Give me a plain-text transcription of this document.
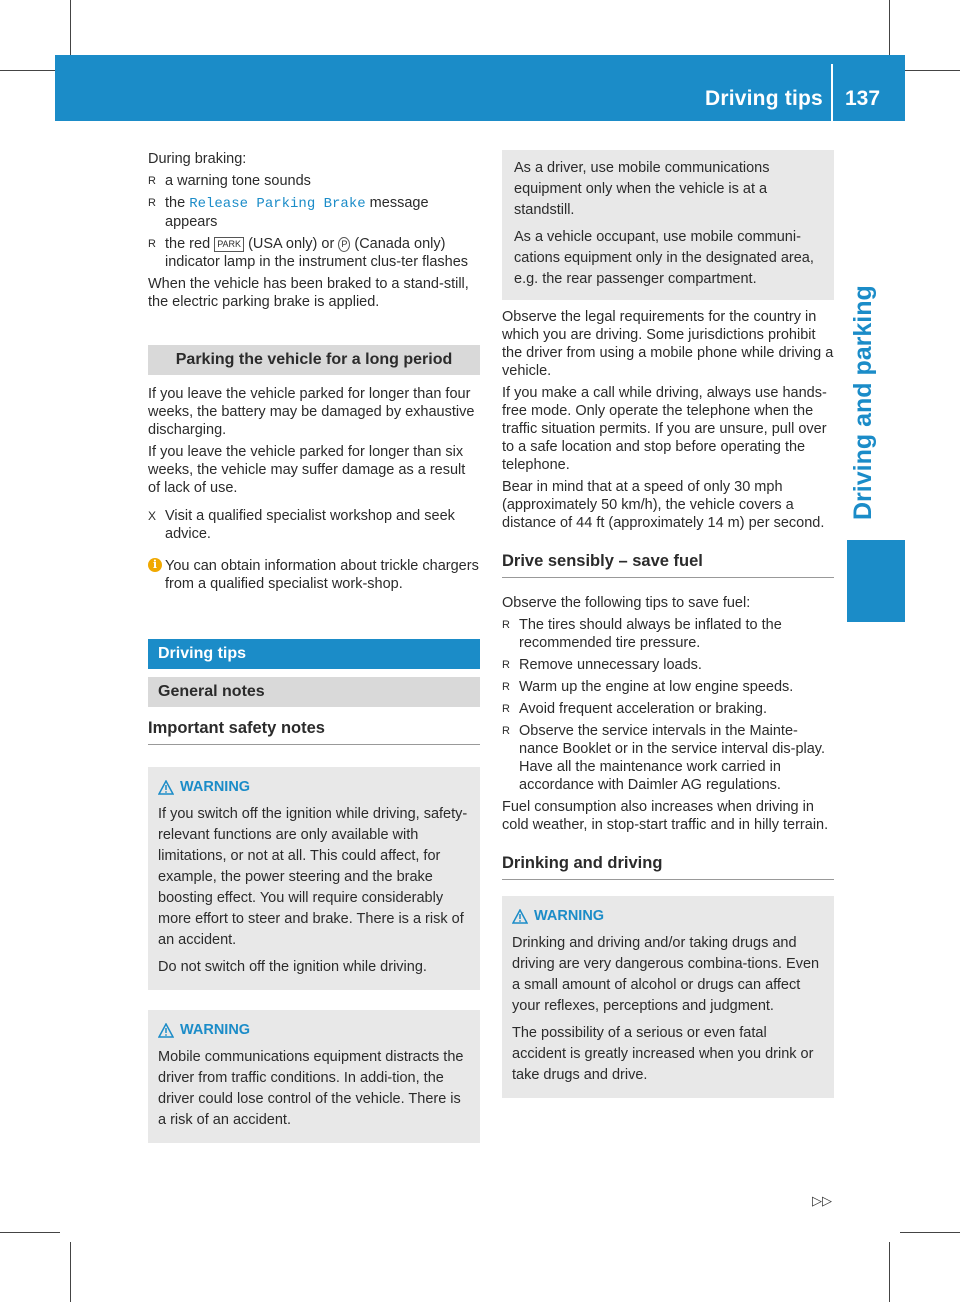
Driving tips 137
Driving and parking

During braking:

R a warning tone sounds
R the Release Parking Brake message appears
R the red PARK (USA only) or P (Canada only) indicator lamp in the instrument clus-ter flashes

When the vehicle has been braked to a stand-still, the electric parking brake is applied.

Parking the vehicle for a long period

If you leave the vehicle parked for longer than four weeks, the battery may be damaged by exhaustive discharging.

If you leave the vehicle parked for longer than six weeks, the vehicle may suffer damage as a result of lack of use.

X Visit a qualified specialist workshop and seek advice.
i You can obtain information about trickle chargers from a qualified specialist work-shop.
Driving tips
General notes
Important safety notes
WARNING

If you switch off the ignition while driving, safety-relevant functions are only available with limitations, or not at all. This could affect, for example, the power steering and the brake boosting effect. You will require considerably more effort to steer and brake. There is a risk of an accident.

Do not switch off the ignition while driving.

WARNING

Mobile communications equipment distracts the driver from traffic conditions. In addi-tion, the driver could lose control of the vehicle. There is a risk of an accident.

As a driver, use mobile communications equipment only when the vehicle is at a standstill.

As a vehicle occupant, use mobile communi-cations equipment only in the designated area, e.g. the rear passenger compartment.

Observe the legal requirements for the country in which you are driving. Some jurisdictions prohibit the driver from using a mobile phone while driving a vehicle.

If you make a call while driving, always use hands-free mode. Only operate the telephone when the traffic situation permits. If you are unsure, pull over to a safe location and stop before operating the telephone.

Bear in mind that at a speed of only 30 mph (approximately 50 km/h), the vehicle covers a distance of 44 ft (approximately 14 m) per second.

Drive sensibly – save fuel

Observe the following tips to save fuel:

R The tires should always be inflated to the recommended tire pressure.
R Remove unnecessary loads.
R Warm up the engine at low engine speeds.
R Avoid frequent acceleration or braking.
R Observe the service intervals in the Mainte-nance Booklet or in the service interval dis-play. Have all the maintenance work carried in accordance with Daimler AG regulations.

Fuel consumption also increases when driving in cold weather, in stop-start traffic and in hilly terrain.

Drinking and driving
WARNING

Drinking and driving and/or taking drugs and driving are very dangerous combina-tions. Even a small amount of alcohol or drugs can affect your reflexes, perceptions and judgment.

The possibility of a serious or even fatal accident is greatly increased when you drink or take drugs and drive.

▷▷
